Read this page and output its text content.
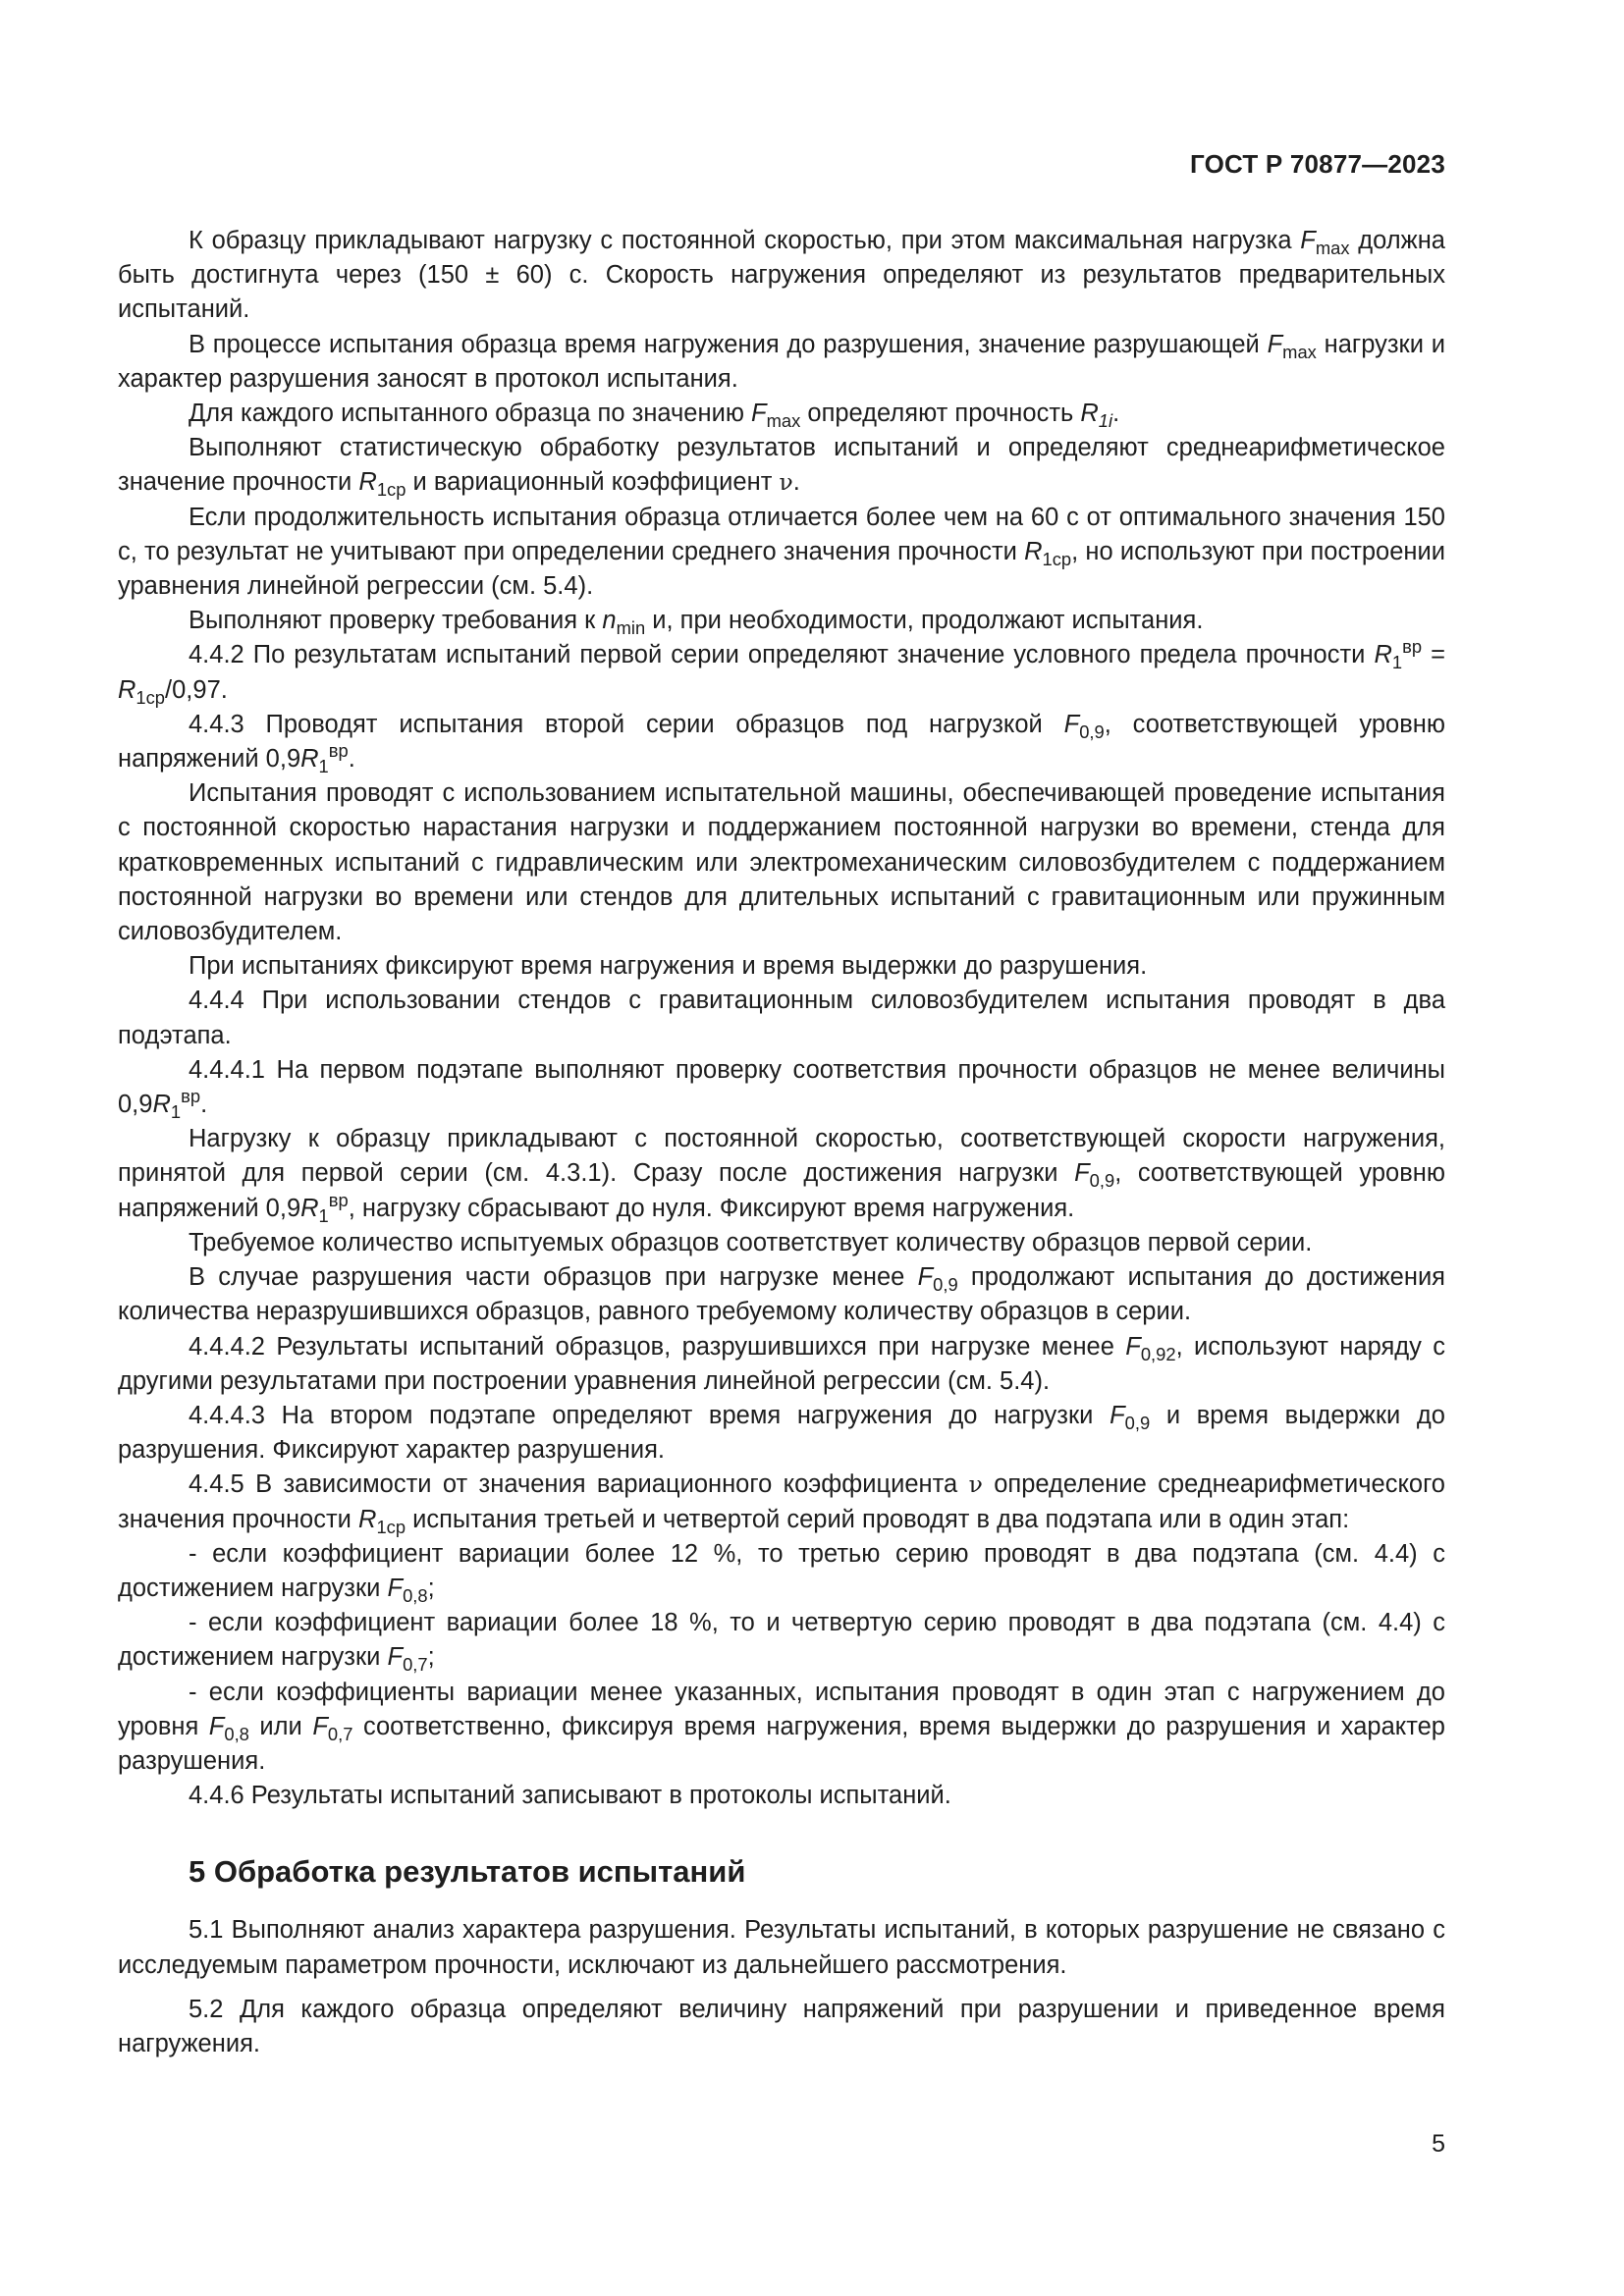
ГОСТ Р 70877—2023

К образцу прикладывают нагрузку с постоянной скоростью, при этом максимальная нагрузка $F_{max}$ должна быть достигнута через (150 ± 60) с. Скорость нагружения определяют из результатов предварительных испытаний.

В процессе испытания образца время нагружения до разрушения, значение разрушающей $F_{max}$ нагрузки и характер разрушения заносят в протокол испытания.

Для каждого испытанного образца по значению $F_{max}$ определяют прочность $R_{1i}$.

Выполняют статистическую обработку результатов испытаний и определяют среднеарифметическое значение прочности $R_{1ср}$ и вариационный коэффициент ν.

Если продолжительность испытания образца отличается более чем на 60 с от оптимального значения 150 с, то результат не учитывают при определении среднего значения прочности $R_{1ср}$, но используют при построении уравнения линейной регрессии (см. 5.4).

Выполняют проверку требования к $n_{min}$ и, при необходимости, продолжают испытания.

4.4.2 По результатам испытаний первой серии определяют значение условного предела прочности $R_1^{вр} = R_{1ср}/0,97$.

4.4.3 Проводят испытания второй серии образцов под нагрузкой $F_{0,9}$, соответствующей уровню напряжений $0,9R_1^{вр}$.

Испытания проводят с использованием испытательной машины, обеспечивающей проведение испытания с постоянной скоростью нарастания нагрузки и поддержанием постоянной нагрузки во времени, стенда для кратковременных испытаний с гидравлическим или электромеханическим силовозбудителем с поддержанием постоянной нагрузки во времени или стендов для длительных испытаний с гравитационным или пружинным силовозбудителем.

При испытаниях фиксируют время нагружения и время выдержки до разрушения.

4.4.4 При использовании стендов с гравитационным силовозбудителем испытания проводят в два подэтапа.

4.4.4.1 На первом подэтапе выполняют проверку соответствия прочности образцов не менее величины $0,9R_1^{вр}$.

Нагрузку к образцу прикладывают с постоянной скоростью, соответствующей скорости нагружения, принятой для первой серии (см. 4.3.1). Сразу после достижения нагрузки $F_{0,9}$, соответствующей уровню напряжений $0,9R_1^{вр}$, нагрузку сбрасывают до нуля. Фиксируют время нагружения.

Требуемое количество испытуемых образцов соответствует количеству образцов первой серии.

В случае разрушения части образцов при нагрузке менее $F_{0,9}$ продолжают испытания до достижения количества неразрушившихся образцов, равного требуемому количеству образцов в серии.

4.4.4.2 Результаты испытаний образцов, разрушившихся при нагрузке менее $F_{0,92}$, используют наряду с другими результатами при построении уравнения линейной регрессии (см. 5.4).

4.4.4.3 На втором подэтапе определяют время нагружения до нагрузки $F_{0,9}$ и время выдержки до разрушения. Фиксируют характер разрушения.

4.4.5 В зависимости от значения вариационного коэффициента ν определение среднеарифметического значения прочности $R_{1ср}$ испытания третьей и четвертой серий проводят в два подэтапа или в один этап:

- если коэффициент вариации более 12 %, то третью серию проводят в два подэтапа (см. 4.4) с достижением нагрузки $F_{0,8}$;

- если коэффициент вариации более 18 %, то и четвертую серию проводят в два подэтапа (см. 4.4) с достижением нагрузки $F_{0,7}$;

- если коэффициенты вариации менее указанных, испытания проводят в один этап с нагружением до уровня $F_{0,8}$ или $F_{0,7}$ соответственно, фиксируя время нагружения, время выдержки до разрушения и характер разрушения.

4.4.6 Результаты испытаний записывают в протоколы испытаний.

5 Обработка результатов испытаний

5.1 Выполняют анализ характера разрушения. Результаты испытаний, в которых разрушение не связано с исследуемым параметром прочности, исключают из дальнейшего рассмотрения.

5.2 Для каждого образца определяют величину напряжений при разрушении и приведенное время нагружения.

5
